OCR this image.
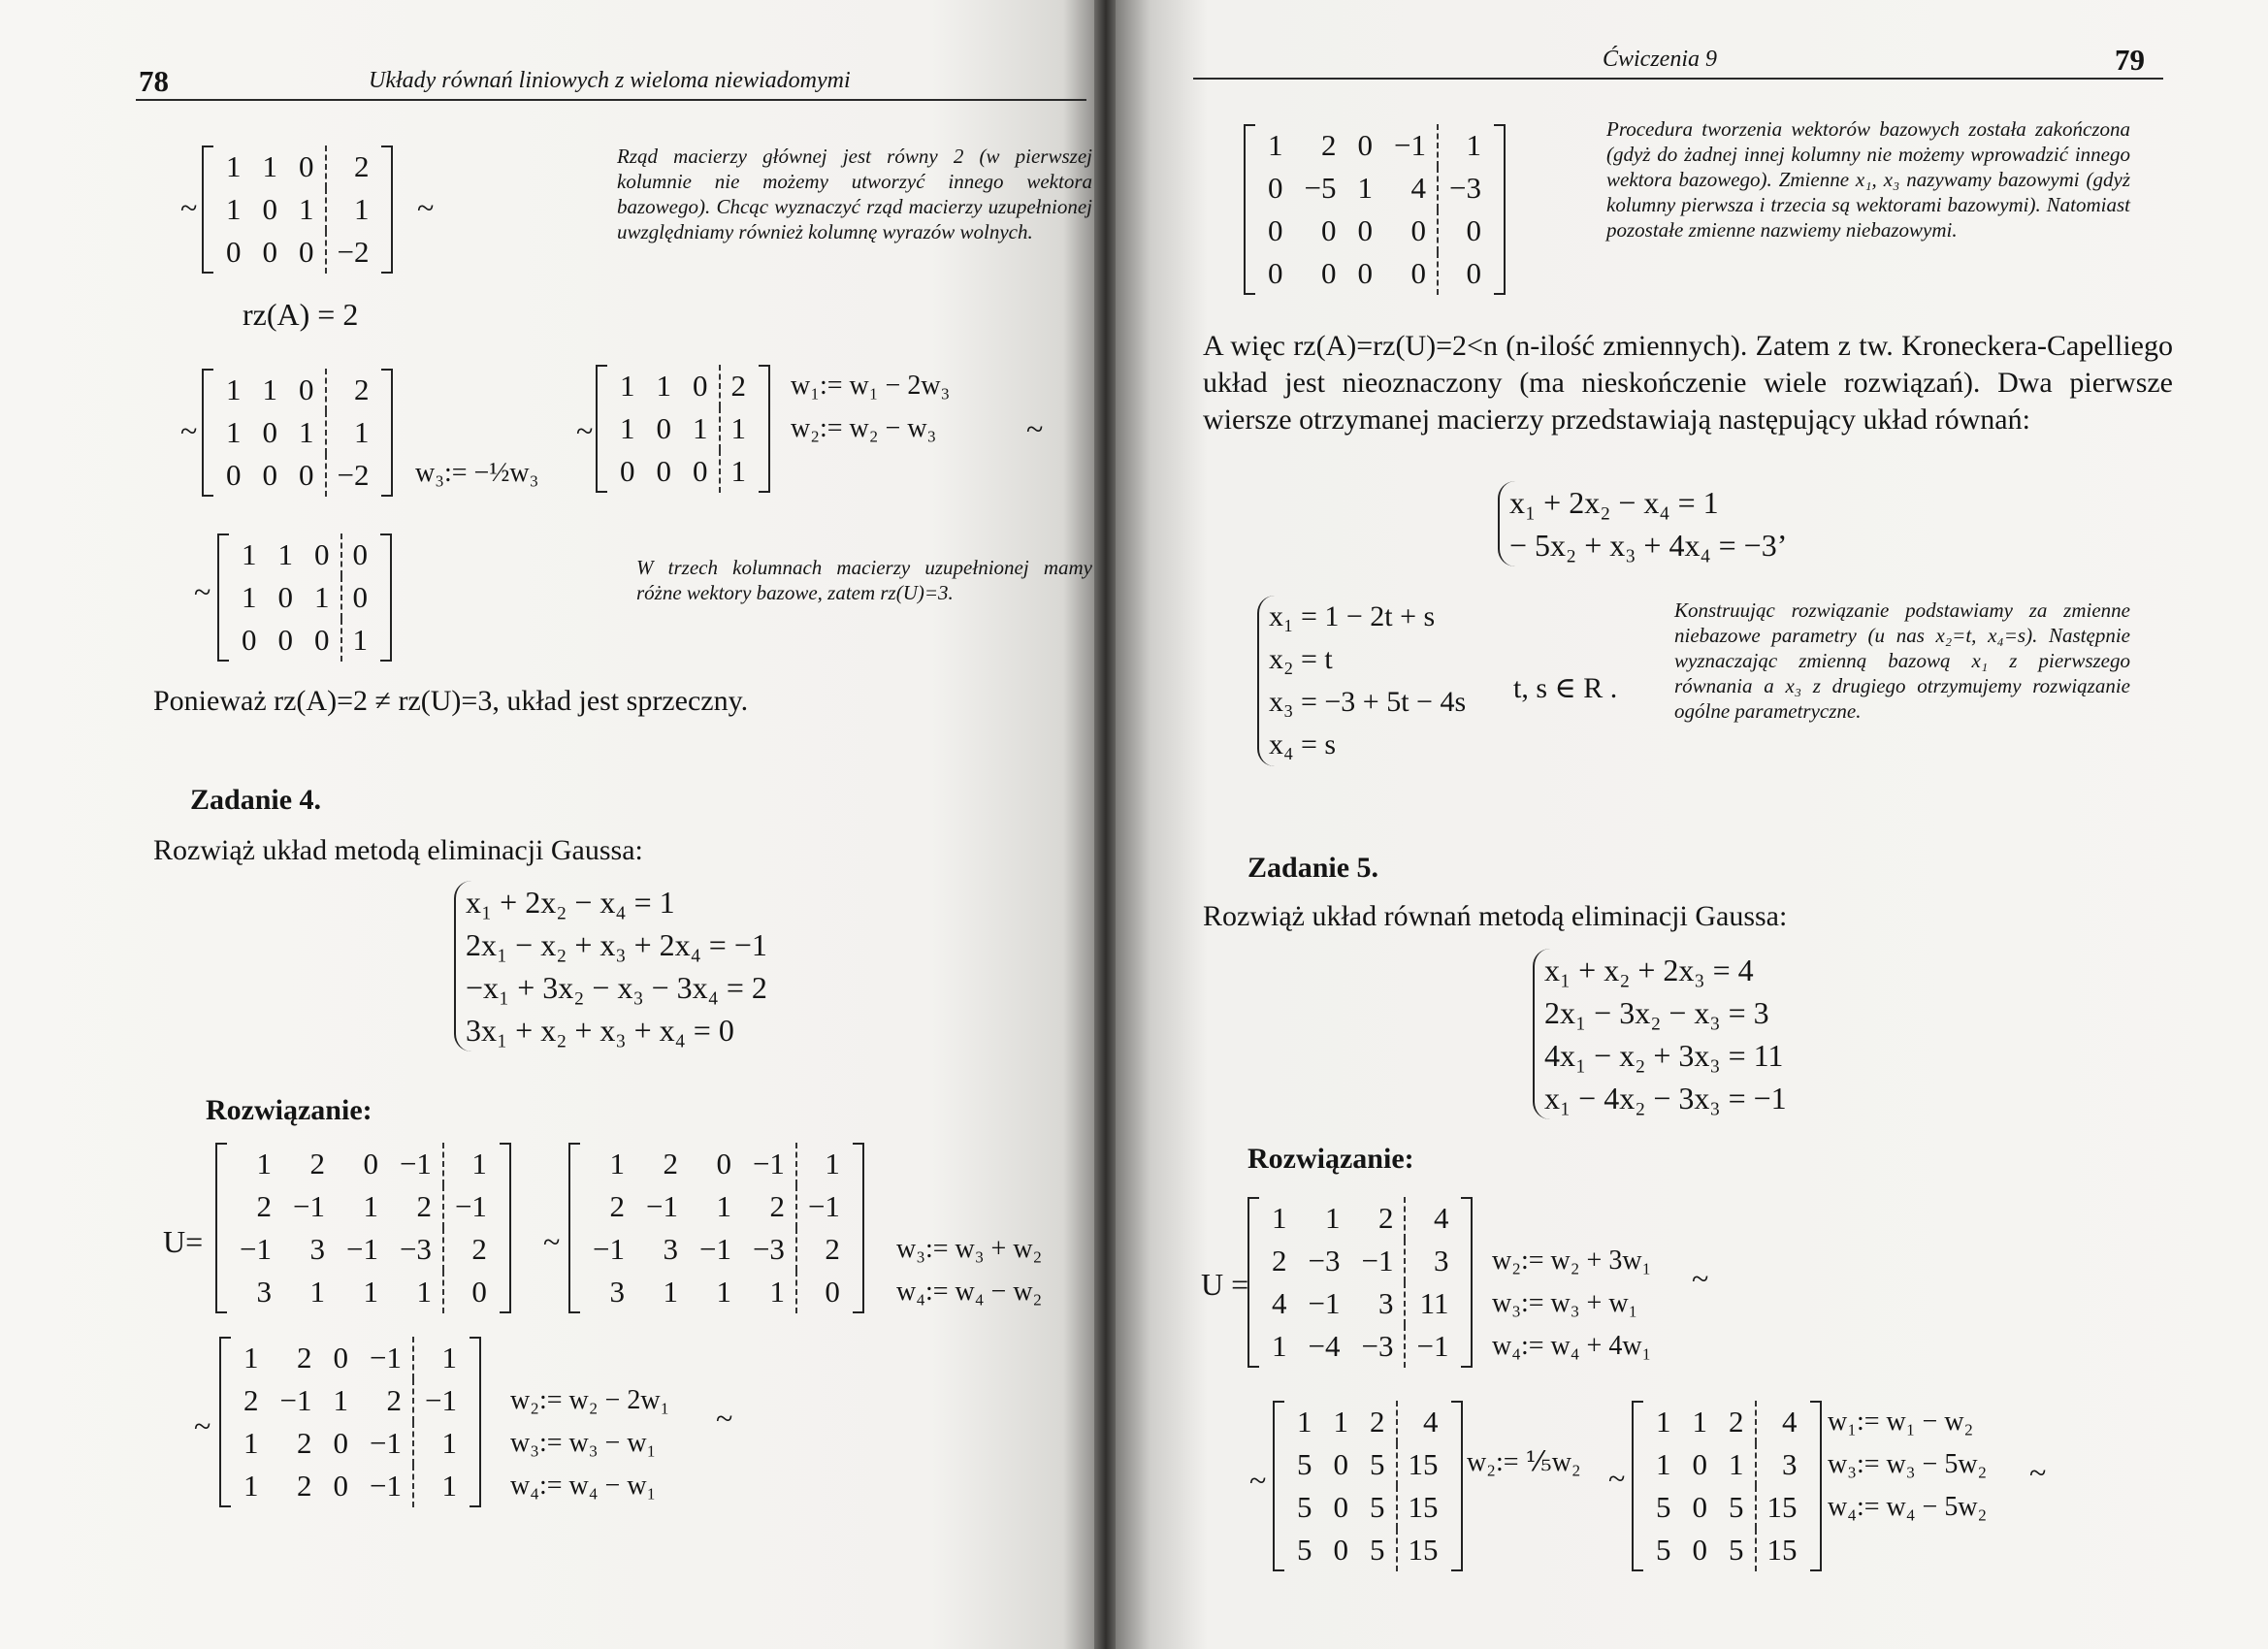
78	Układy równań liniowych z wieloma niewiadomymi
~
1	1	0	2
1	0	1	1
0	0	0	−2
~
Rząd macierzy głównej jest równy 2 (w pierwszej kolumnie nie możemy utworzyć innego wektora bazowego). Chcąc wyznaczyć rząd macierzy uzupełnionej uwzględniamy również kolumnę wyrazów wolnych.
rz(A) = 2
~
1	1	0	2
1	0	1	1
0	0	0	−2 w₃:= −½w₃
~
1	1	0	2
1	0	1	1
0	0	0	1
w₁:= w₁ − 2w₃
w₂:= w₂ − w₃	~
~
1	1	0	0
1	0	1	0
0	0	0	1
W trzech kolumnach macierzy uzupełnionej mamy różne wektory bazowe, zatem rz(U)=3.
Ponieważ rz(A)=2 ≠ rz(U)=3, układ jest sprzeczny.
Zadanie 4.
Rozwiąż układ metodą eliminacji Gaussa:
x₁ + 2x₂ − x₄ = 1
2x₁ − x₂ + x₃ + 2x₄ = −1
−x₁ + 3x₂ − x₃ − 3x₄ = 2
3x₁ + x₂ + x₃ + x₄ = 0
Rozwiązanie:
U=
1	2	0	−1	1
2	−1	1	2	−1
−1	3	−1	−3	2
3	1	1	1	0
~
1	2	0	−1	1
2	−1	1	2	−1
−1	3	−1	−3	2
3	1	1	1	0
w₃:= w₃ + w₂
w₄:= w₄ − w₂
~
1	2	0	−1	1
2	−1	1	2	−1
1	2	0	−1	1
1	2	0	−1	1
w₂:= w₂ − 2w₁
w₃:= w₃ − w₁
w₄:= w₄ − w₁
~
Ćwiczenia 9	79
1	2	0	−1	1
0	−5	1	4	−3
0	0	0	0	0
0	0	0	0	0
Procedura tworzenia wektorów bazowych została zakończona (gdyż do żadnej innej kolumny nie możemy wprowadzić innego wektora bazowego). Zmienne x₁, x₃ nazywamy bazowymi (gdyż kolumny pierwsza i trzecia są wektorami bazowymi). Natomiast pozostałe zmienne nazwiemy niebazowymi.
A więc rz(A)=rz(U)=2<n (n-ilość zmiennych). Zatem z tw. Kroneckera-Capelliego układ jest nieoznaczony (ma nieskończenie wiele rozwiązań). Dwa pierwsze wiersze otrzymanej macierzy przedstawiają następujący układ równań:
x₁ + 2x₂ − x₄ = 1
− 5x₂ + x₃ + 4x₄ = −3’
x₁ = 1 − 2t + s
x₂ = t
x₃ = −3 + 5t − 4s
x₄ = s
t, s ∈ R .
Konstruując rozwiązanie podstawiamy za zmienne niebazowe parametry (u nas x₂=t, x₄=s). Następnie wyznaczając zmienną bazową x₁ z pierwszego równania a x₃ z drugiego otrzymujemy rozwiązanie ogólne parametryczne.
Zadanie 5.
Rozwiąż układ równań metodą eliminacji Gaussa:
x₁ + x₂ + 2x₃ = 4
2x₁ − 3x₂ − x₃ = 3
4x₁ − x₂ + 3x₃ = 11
x₁ − 4x₂ − 3x₃ = −1
Rozwiązanie:
U =
1	1	2	4
2	−3	−1	3
4	−1	3	11
1	−4	−3	−1
w₂:= w₂ + 3w₁
w₃:= w₃ + w₁
w₄:= w₄ + 4w₁
~
~
1	1	2	4
5	0	5	15
5	0	5	15
5	0	5	15
w₂:= ⅕w₂ ~
1	1	2	4
1	0	1	3
5	0	5	15
5	0	5	15
w₁:= w₁ − w₂
w₃:= w₃ − 5w₂
w₄:= w₄ − 5w₂
~
